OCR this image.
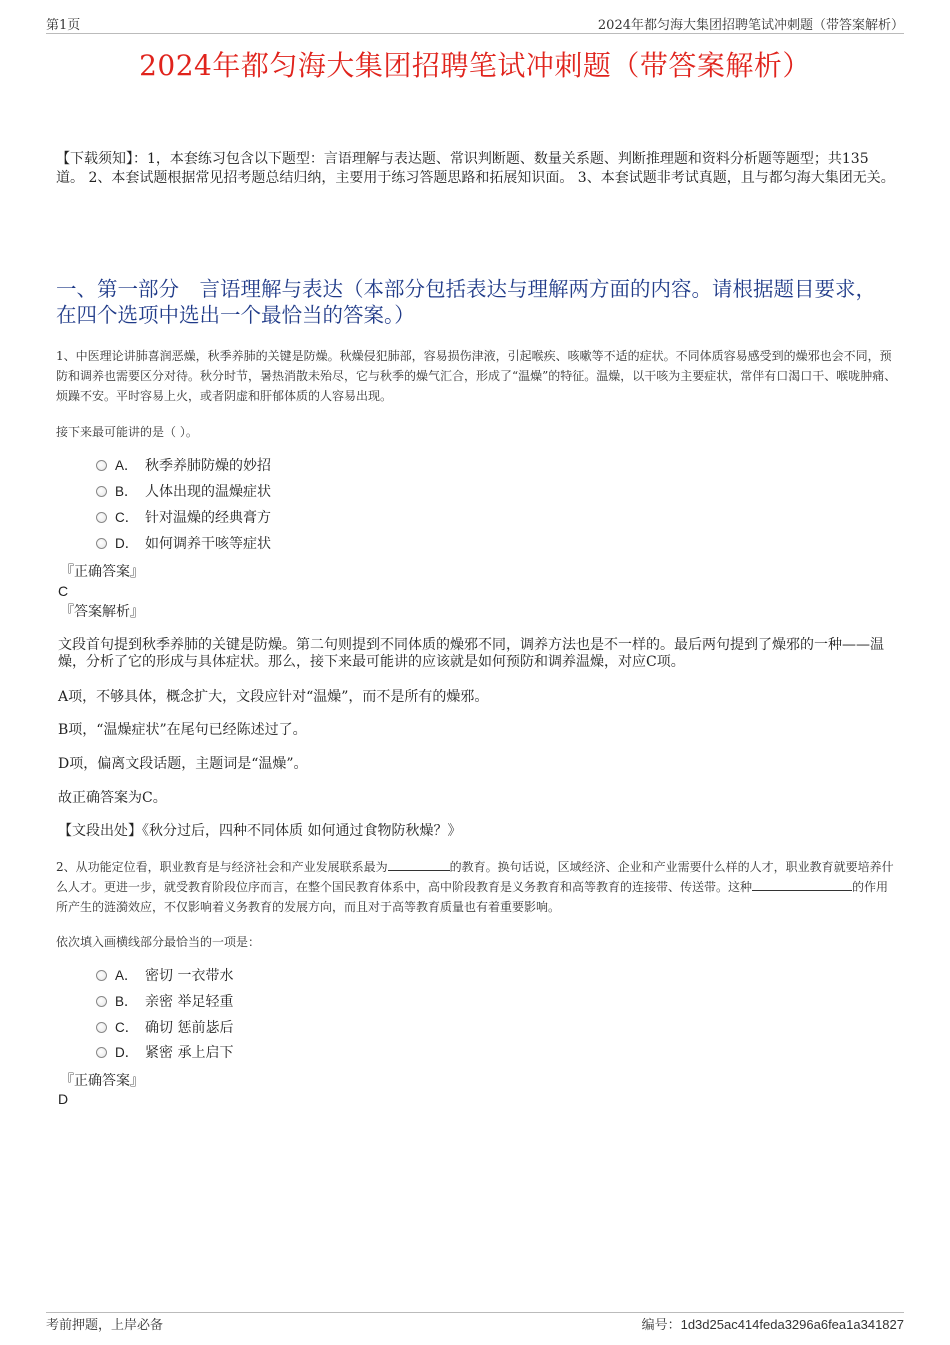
第1页	2024年都匀海大集团招聘笔试冲刺题（带答案解析）
2024年都匀海大集团招聘笔试冲刺题（带答案解析）
【下载须知】：1，本套练习包含以下题型：言语理解与表达题、常识判断题、数量关系题、判断推理题和资料分析题等题型；共135道。 2、本套试题根据常见招考题总结归纳，主要用于练习答题思路和拓展知识面。 3、本套试题非考试真题，且与都匀海大集团无关。
一、第一部分　言语理解与表达（本部分包括表达与理解两方面的内容。请根据题目要求，在四个选项中选出一个最恰当的答案。）
1、中医理论讲肺喜润恶燥，秋季养肺的关键是防燥。秋燥侵犯肺部，容易损伤津液，引起喉疾、咳嗽等不适的症状。不同体质容易感受到的燥邪也会不同，预防和调养也需要区分对待。秋分时节，暑热消散未殆尽，它与秋季的燥气汇合，形成了“温燥”的特征。温燥，以干咳为主要症状，常伴有口渴口干、喉咙肿痛、烦躁不安。平时容易上火，或者阴虚和肝郁体质的人容易出现。
接下来最可能讲的是（ ）。
A． 秋季养肺防燥的妙招
B． 人体出现的温燥症状
C． 针对温燥的经典膏方
D． 如何调养干咳等症状
『正确答案』
C
『答案解析』
文段首句提到秋季养肺的关键是防燥。第二句则提到不同体质的燥邪不同，调养方法也是不一样的。最后两句提到了燥邪的一种——温燥，分析了它的形成与具体症状。那么，接下来最可能讲的应该就是如何预防和调养温燥，对应C项。
A项，不够具体，概念扩大，文段应针对“温燥”，而不是所有的燥邪。
B项，“温燥症状”在尾句已经陈述过了。
D项，偏离文段话题，主题词是“温燥”。
故正确答案为C。
【文段出处】《秋分过后，四种不同体质 如何通过食物防秋燥？》
2、从功能定位看，职业教育是与经济社会和产业发展联系最为	的教育。换句话说，区域经济、企业和产业需要什么样的人才，职业教育就要培养什么人才。更进一步，就受教育阶段位序而言，在整个国民教育体系中，高中阶段教育是义务教育和高等教育的连接带、传送带。这种	的作用所产生的涟漪效应，不仅影响着义务教育的发展方向，而且对于高等教育质量也有着重要影响。
依次填入画横线部分最恰当的一项是：
A． 密切 一衣带水
B． 亲密 举足轻重
C． 确切 惩前毖后
D． 紧密 承上启下
『正确答案』
D
考前押题，上岸必备	编号：1d3d25ac414feda3296a6fea1a341827
